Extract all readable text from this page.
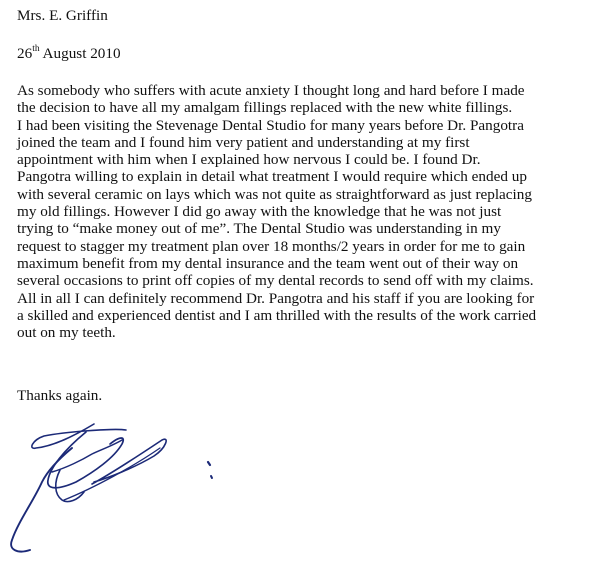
Mrs. E. Griffin
26th August 2010
As somebody who suffers with acute anxiety I thought long and hard before I made
the decision to have all my amalgam fillings replaced with the new white fillings.
I had been visiting the Stevenage Dental Studio for many years before Dr. Pangotra
joined the team and I found him very patient and understanding at my first
appointment with him when I explained how nervous I could be. I found Dr.
Pangotra willing to explain in detail what treatment I would require which ended up
with several ceramic on lays which was not quite as straightforward as just replacing
my old fillings. However I did go away with the knowledge that he was not just
trying to “make money out of me”. The Dental Studio was understanding in my
request to stagger my treatment plan over 18 months/2 years in order for me to gain
maximum benefit from my dental insurance and the team went out of their way on
several occasions to print off copies of my dental records to send off with my claims.
All in all I can definitely recommend Dr. Pangotra and his staff if you are looking for
a skilled and experienced dentist and I am thrilled with the results of the work carried
out on my teeth.
Thanks again.
